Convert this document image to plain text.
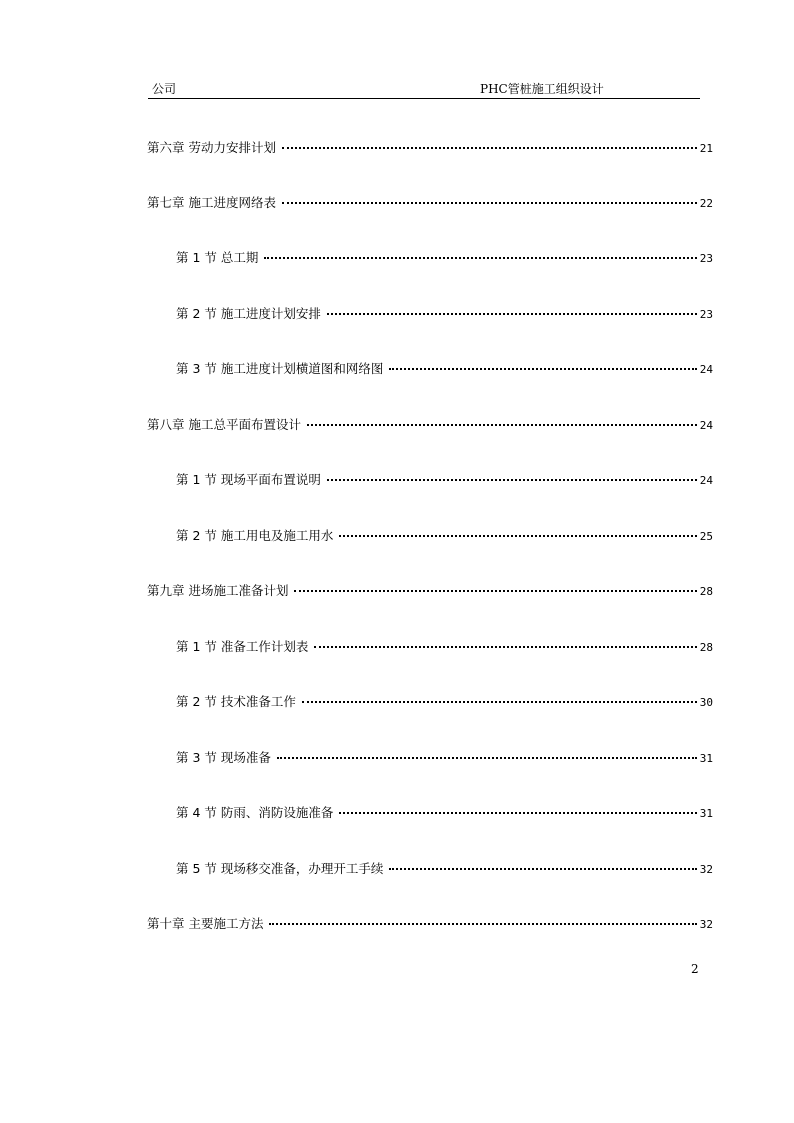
公司	PHC管桩施工组织设计
第六章 劳动力安排计划	21
第七章 施工进度网络表	22
第 1 节 总工期	23
第 2 节 施工进度计划安排	23
第 3 节 施工进度计划横道图和网络图	24
第八章 施工总平面布置设计	24
第 1 节 现场平面布置说明	24
第 2 节 施工用电及施工用水	25
第九章 进场施工准备计划	28
第 1 节 准备工作计划表	28
第 2 节 技术准备工作	30
第 3 节 现场准备	31
第 4 节 防雨、消防设施准备	31
第 5 节 现场移交准备，办理开工手续	32
第十章 主要施工方法	32
2
